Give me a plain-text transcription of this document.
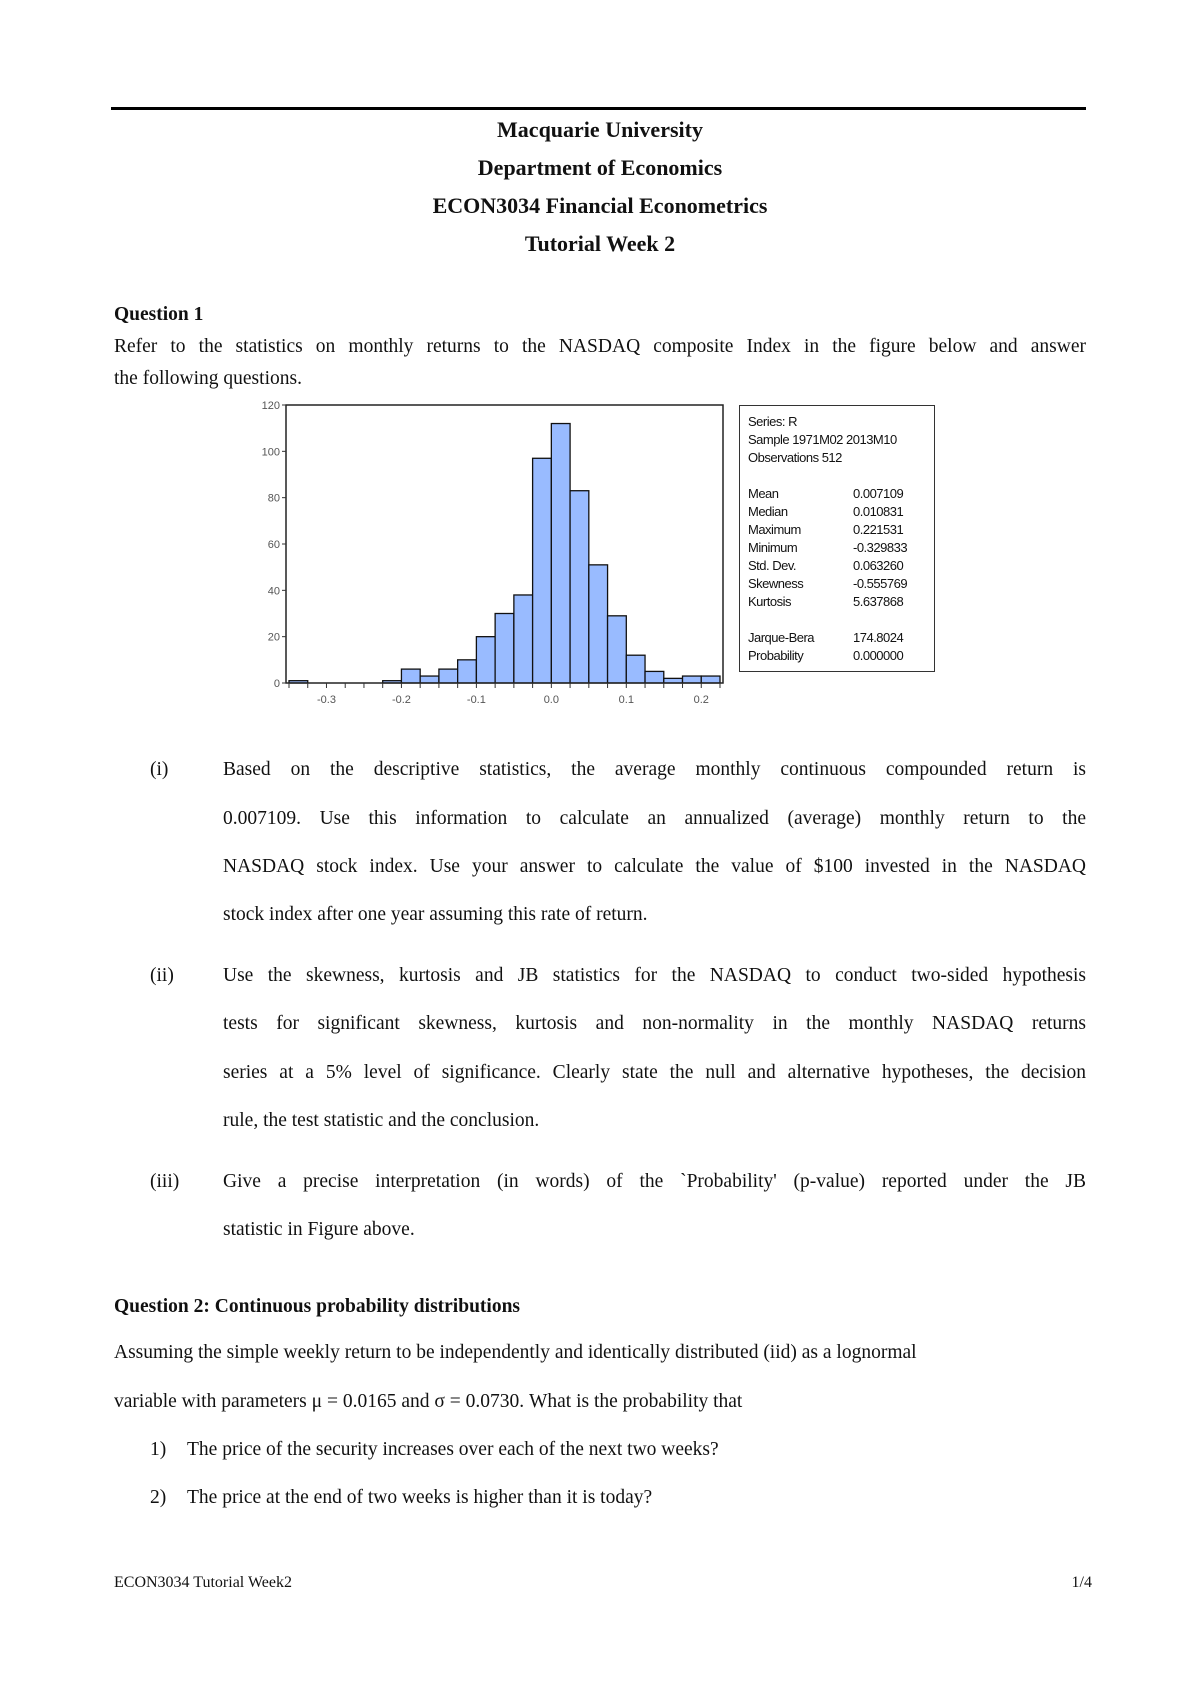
Macquarie University
Department of Economics
ECON3034 Financial Econometrics
Tutorial Week 2
Question 1
Refer to the statistics on monthly returns to the NASDAQ composite Index in the figure below and answer
the following questions.
0
20
40
60
80
100
120
-0.3	-0.2	-0.1	0.0	0.1	0.2
Series: R
Sample 1971M02 2013M10
Observations 512
Mean	0.007109
Median	0.010831
Maximum	0.221531
Minimum	-0.329833
Std. Dev.	0.063260
Skewness	-0.555769
Kurtosis	5.637868
Jarque-Bera	174.8024
Probability	0.000000
(i)	Based on the descriptive statistics, the average monthly continuous compounded return is
0.007109. Use this information to calculate an annualized (average) monthly return to the
NASDAQ stock index. Use your answer to calculate the value of $100 invested in the NASDAQ
stock index after one year assuming this rate of return.
(ii)	Use the skewness, kurtosis and JB statistics for the NASDAQ to conduct two-sided hypothesis
tests for significant skewness, kurtosis and non-normality in the monthly NASDAQ returns
series at a 5% level of significance. Clearly state the null and alternative hypotheses, the decision
rule, the test statistic and the conclusion.
(iii) Give a precise interpretation (in words) of the `Probability' (p-value) reported under the JB
statistic in Figure above.
Question 2: Continuous probability distributions
Assuming the simple weekly return to be independently and identically distributed (iid) as a lognormal
variable with parameters μ = 0.0165 and σ = 0.0730. What is the probability that
1) The price of the security increases over each of the next two weeks?
2) The price at the end of two weeks is higher than it is today?
ECON3034 Tutorial Week2	1/4
